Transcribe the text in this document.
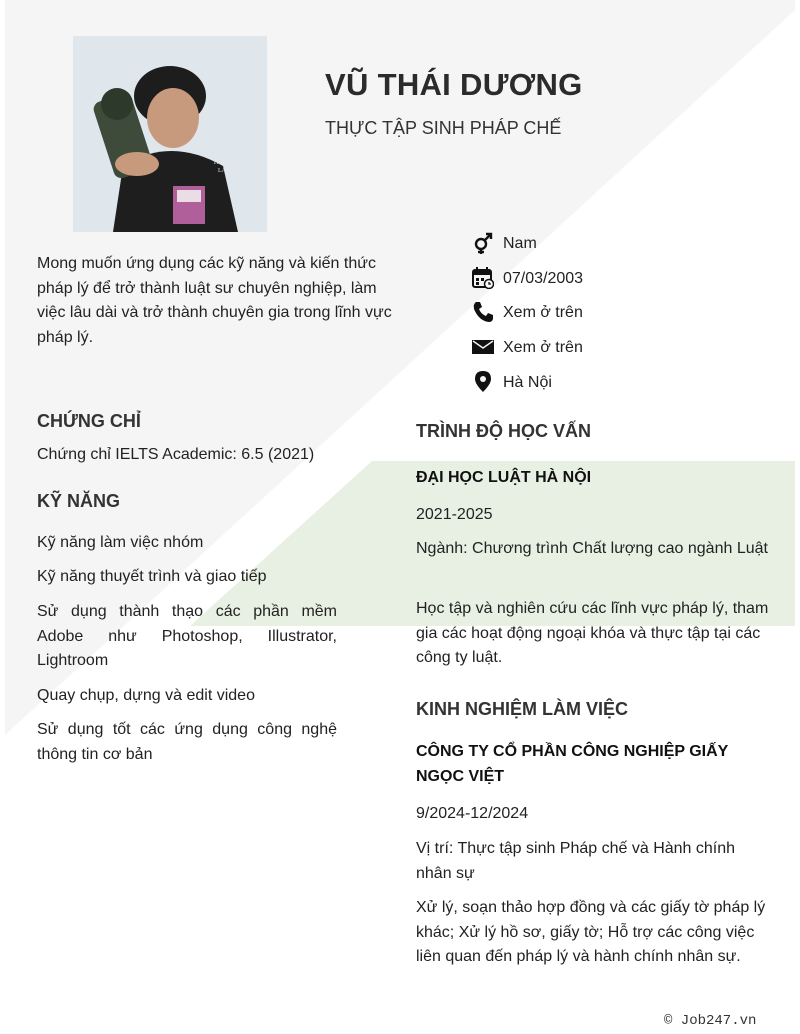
THE TAM
LAW
VŨ THÁI DƯƠNG
THỰC TẬP SINH PHÁP CHẾ
Mong muốn ứng dụng các kỹ năng và kiến thức pháp lý để trở thành luật sư chuyên nghiệp, làm việc lâu dài và trở thành chuyên gia trong lĩnh vực pháp lý.
Nam
07/03/2003
Xem ở trên
Xem ở trên
Hà Nội
CHỨNG CHỈ
Chứng chỉ IELTS Academic: 6.5 (2021)
KỸ NĂNG
Kỹ năng làm việc nhóm
Kỹ năng thuyết trình và giao tiếp
Sử dụng thành thạo các phần mềm Adobe như Photoshop, Illustrator, Lightroom
Quay chụp, dựng và edit video
Sử dụng tốt các ứng dụng công nghệ thông tin cơ bản
TRÌNH ĐỘ HỌC VẤN
ĐẠI HỌC LUẬT HÀ NỘI
2021-2025
Ngành: Chương trình Chất lượng cao ngành Luật
Học tập và nghiên cứu các lĩnh vực pháp lý, tham gia các hoạt động ngoại khóa và thực tập tại các công ty luật.
KINH NGHIỆM LÀM VIỆC
CÔNG TY CỔ PHẦN CÔNG NGHIỆP GIẤY NGỌC VIỆT
9/2024-12/2024
Vị trí: Thực tập sinh Pháp chế và Hành chính nhân sự
Xử lý, soạn thảo hợp đồng và các giấy tờ pháp lý khác; Xử lý hồ sơ, giấy tờ; Hỗ trợ các công việc liên quan đến pháp lý và hành chính nhân sự.
© Job247.vn
